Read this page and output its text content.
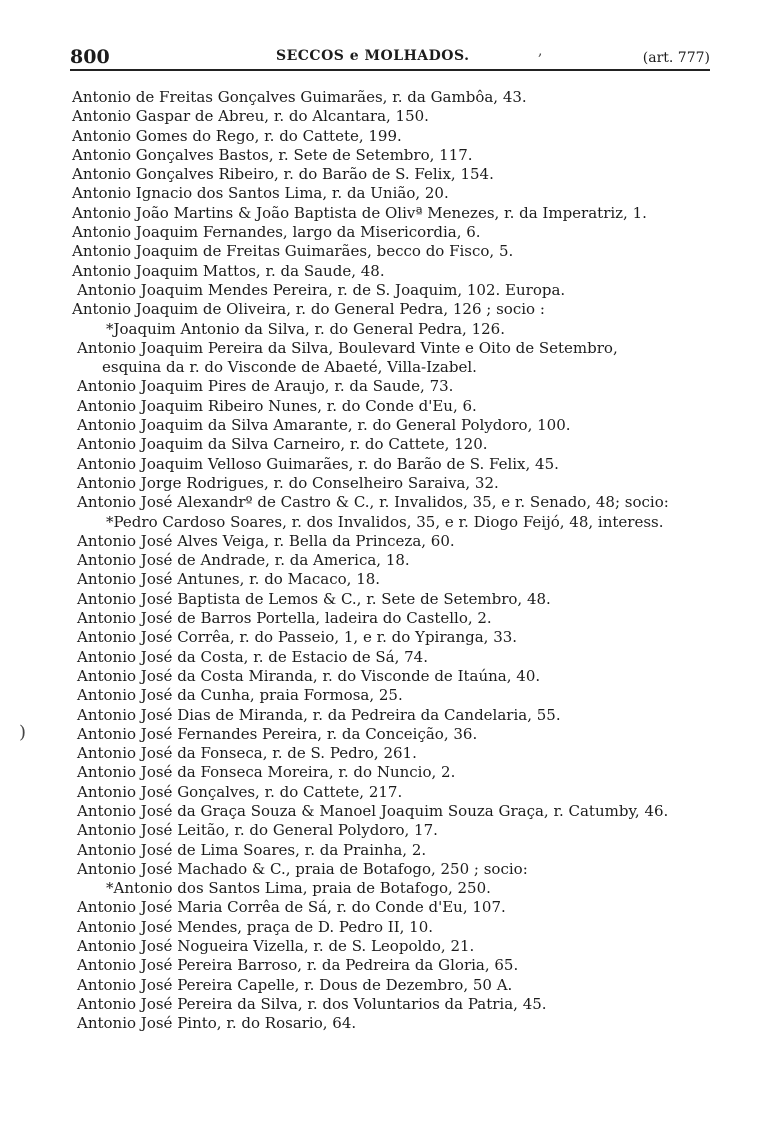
800	SECCOS e MOLHADOS.	(art. 777)
,
)
Antonio de Freitas Gonçalves Guimarães, r. da Gambôa, 43.
Antonio Gaspar de Abreu, r. do Alcantara, 150.
Antonio Gomes do Rego, r. do Cattete, 199.
Antonio Gonçalves Bastos, r. Sete de Setembro, 117.
Antonio Gonçalves Ribeiro, r. do Barão de S. Felix, 154.
Antonio Ignacio dos Santos Lima, r. da União, 20.
Antonio João Martins & João Baptista de Olivª Menezes, r. da Imperatriz, 1.
Antonio Joaquim Fernandes, largo da Misericordia, 6.
Antonio Joaquim de Freitas Guimarães, becco do Fisco, 5.
Antonio Joaquim Mattos, r. da Saude, 48.
Antonio Joaquim Mendes Pereira, r. de S. Joaquim, 102. Europa.
Antonio Joaquim de Oliveira, r. do General Pedra, 126 ; socio :
*Joaquim Antonio da Silva, r. do General Pedra, 126.
Antonio Joaquim Pereira da Silva, Boulevard Vinte e Oito de Setembro,
esquina da r. do Visconde de Abaeté, Villa-Izabel.
Antonio Joaquim Pires de Araujo, r. da Saude, 73.
Antonio Joaquim Ribeiro Nunes, r. do Conde d'Eu, 6.
Antonio Joaquim da Silva Amarante, r. do General Polydoro, 100.
Antonio Joaquim da Silva Carneiro, r. do Cattete, 120.
Antonio Joaquim Velloso Guimarães, r. do Barão de S. Felix, 45.
Antonio Jorge Rodrigues, r. do Conselheiro Saraiva, 32.
Antonio José Alexandrº de Castro & C., r. Invalidos, 35, e r. Senado, 48; socio:
*Pedro Cardoso Soares, r. dos Invalidos, 35, e r. Diogo Feijó, 48, interess.
Antonio José Alves Veiga, r. Bella da Princeza, 60.
Antonio José de Andrade, r. da America, 18.
Antonio José Antunes, r. do Macaco, 18.
Antonio José Baptista de Lemos & C., r. Sete de Setembro, 48.
Antonio José de Barros Portella, ladeira do Castello, 2.
Antonio José Corrêa, r. do Passeio, 1, e r. do Ypiranga, 33.
Antonio José da Costa, r. de Estacio de Sá, 74.
Antonio José da Costa Miranda, r. do Visconde de Itaúna, 40.
Antonio José da Cunha, praia Formosa, 25.
Antonio José Dias de Miranda, r. da Pedreira da Candelaria, 55.
Antonio José Fernandes Pereira, r. da Conceição, 36.
Antonio José da Fonseca, r. de S. Pedro, 261.
Antonio José da Fonseca Moreira, r. do Nuncio, 2.
Antonio José Gonçalves, r. do Cattete, 217.
Antonio José da Graça Souza & Manoel Joaquim Souza Graça, r. Catumby, 46.
Antonio José Leitão, r. do General Polydoro, 17.
Antonio José de Lima Soares, r. da Prainha, 2.
Antonio José Machado & C., praia de Botafogo, 250 ; socio:
*Antonio dos Santos Lima, praia de Botafogo, 250.
Antonio José Maria Corrêa de Sá, r. do Conde d'Eu, 107.
Antonio José Mendes, praça de D. Pedro II, 10.
Antonio José Nogueira Vizella, r. de S. Leopoldo, 21.
Antonio José Pereira Barroso, r. da Pedreira da Gloria, 65.
Antonio José Pereira Capelle, r. Dous de Dezembro, 50 A.
Antonio José Pereira da Silva, r. dos Voluntarios da Patria, 45.
Antonio José Pinto, r. do Rosario, 64.
